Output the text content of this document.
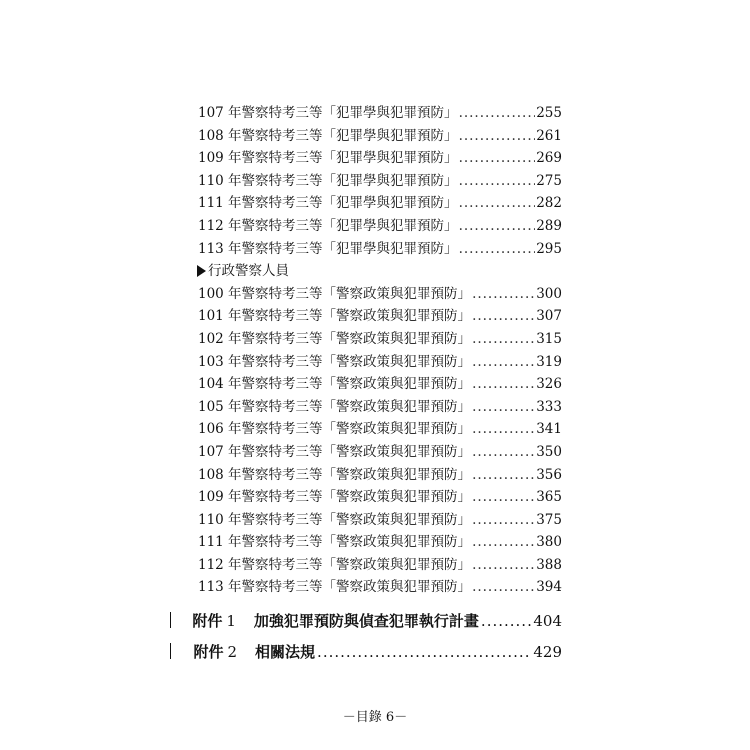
107 年警察特考三等「犯罪學與犯罪預防」 .....	255
108 年警察特考三等「犯罪學與犯罪預防」 .....	261
109 年警察特考三等「犯罪學與犯罪預防」 .....	269
110 年警察特考三等「犯罪學與犯罪預防」 .....	275
111 年警察特考三等「犯罪學與犯罪預防」 .....	282
112 年警察特考三等「犯罪學與犯罪預防」 .....	289
113 年警察特考三等「犯罪學與犯罪預防」 .....	295
行政警察人員
100 年警察特考三等「警察政策與犯罪預防」 .....	300
101 年警察特考三等「警察政策與犯罪預防」 .....	307
102 年警察特考三等「警察政策與犯罪預防」 .....	315
103 年警察特考三等「警察政策與犯罪預防」 .....	319
104 年警察特考三等「警察政策與犯罪預防」 .....	326
105 年警察特考三等「警察政策與犯罪預防」 .....	333
106 年警察特考三等「警察政策與犯罪預防」 .....	341
107 年警察特考三等「警察政策與犯罪預防」 .....	350
108 年警察特考三等「警察政策與犯罪預防」 .....	356
109 年警察特考三等「警察政策與犯罪預防」 .....	365
110 年警察特考三等「警察政策與犯罪預防」 .....	375
111 年警察特考三等「警察政策與犯罪預防」 .....	380
112 年警察特考三等「警察政策與犯罪預防」 .....	388
113 年警察特考三等「警察政策與犯罪預防」 .....	394
附件 1 加強犯罪預防與偵查犯罪執行計畫 .....	404
附件 2 相關法規 .....	429
－目錄 6－
